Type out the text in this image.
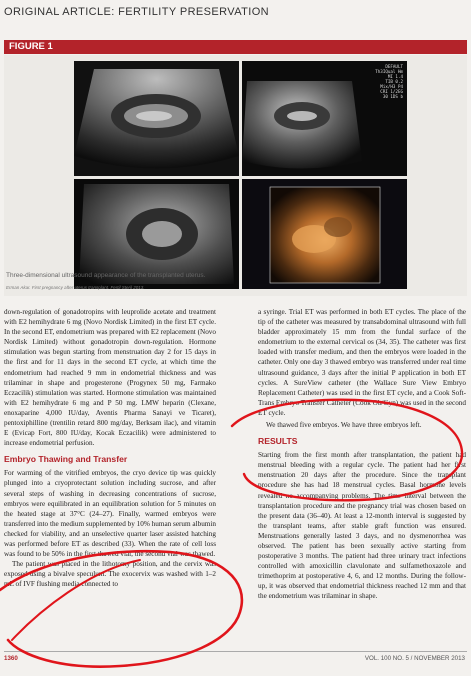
ORIGINAL ARTICLE: FERTILITY PRESERVATION
FIGURE 1
DEFAULT
Th3IQual Hm
MI 1.4
TIB 0.2
Mix/H3 P4
CRI 1/2EG
30 1DS b
Three-dimensional ultrasound appearance of the transplanted uterus.
Erman Akar. First pregnancy after uterus transplant. Fertil Steril 2013.

down-regulation of gonadotropins with leuprolide acetate and treatment with E2 hemihydrate 6 mg (Novo Nordisk Limited) in the first ET cycle. In the second ET, endometrium was prepared with E2 replacement (Novo Nordisk Limited) without gonadotropin down-regulation. Hormone stimulation was begun starting from menstruation day 2 for 15 days in the first and for 11 days in the second ET cycle, at which time the endometrium had reached 9 mm in endometrial thickness and was trilaminar in shape and progesterone (Progynex 50 mg, Farmako Eczacilik) stimulation was started. Hormone stimulation was maintained with E2 hemihydrate 6 mg and P 50 mg. LMW heparin (Clexane, enoxaparine 4,000 IU/day, Aventis Pharma Sanayi ve Ticaret), pentoxiphilline (trentilin retard 800 mg/day, Berksam ilac), and vitamin E (Evicap Fort, 800 IU/day, Kocak Eczacilik) were administered to increase endometrial perfusion.

Embryo Thawing and Transfer

For warming of the vitrified embryos, the cryo device tip was quickly plunged into a cryoprotectant solution including sucrose, and after several steps of washing in decreasing concentrations of sucrose, embryos were equilibrated in an equilibration solution for 5 minutes on the heated stage at 37°C (24–27). Finally, warmed embryos were transferred into the medium supplemented by 10% human serum albumin checked for viability, and an unselective quarter laser assisted hatching was performed before ET as described (33). When the rate of cell loss was found to be 50% in the first thawed vial, the second vial was thawed.

The patient was placed in the lithotomy position, and the cervix was exposed using a bivalve speculum. The exocervix was washed with 1–2 mL of IVF flushing media connected to

a syringe. Trial ET was performed in both ET cycles. The place of the tip of the catheter was measured by transabdominal ultrasound with full bladder approximately 15 mm from the fundal surface of the endometrium to the external cervical os (34, 35). The catheter was first loaded with transfer medium, and then the embryos were loaded in the catheter. Only one day 3 thawed embryo was transferred under real time ultrasound guidance, 3 days after the initial P application in both ET cycles. A SureView catheter (the Wallace Sure View Embryo Replacement Catheter) was used in the first ET cycle, and a Cook Soft-Trans Embryo Transfer Catheter (Cook Ob/Gyn) was used in the second ET cycle.

We thawed five embryos. We have three embryos left.

RESULTS

Starting from the first month after transplantation, the patient had menstrual bleeding with a regular cycle. The patient had her first menstruation 20 days after the procedure. Since the transplant procedure she has had 18 menstrual cycles. Basal hormone levels revealed no accompanying problems. The time interval between the transplantation procedure and the pregnancy trial was chosen based on the present data (36–40). At least a 12-month interval is suggested by the transplant teams, after stable graft function was ensured. Menstruations generally lasted 3 days, and no dysmenorrhea was observed. The patient has been sexually active starting from postoperative 3 months. The patient had three urinary tract infections controlled with amoxicillin clavulonate and sulfamethoxazole and trimethoprim at postoperative 4, 6, and 12 months. During the follow-up, it was observed that endometrial thickness reached 12 mm and that the endometrium was trilaminar in shape.

1360	VOL. 100 NO. 5 / NOVEMBER 2013
